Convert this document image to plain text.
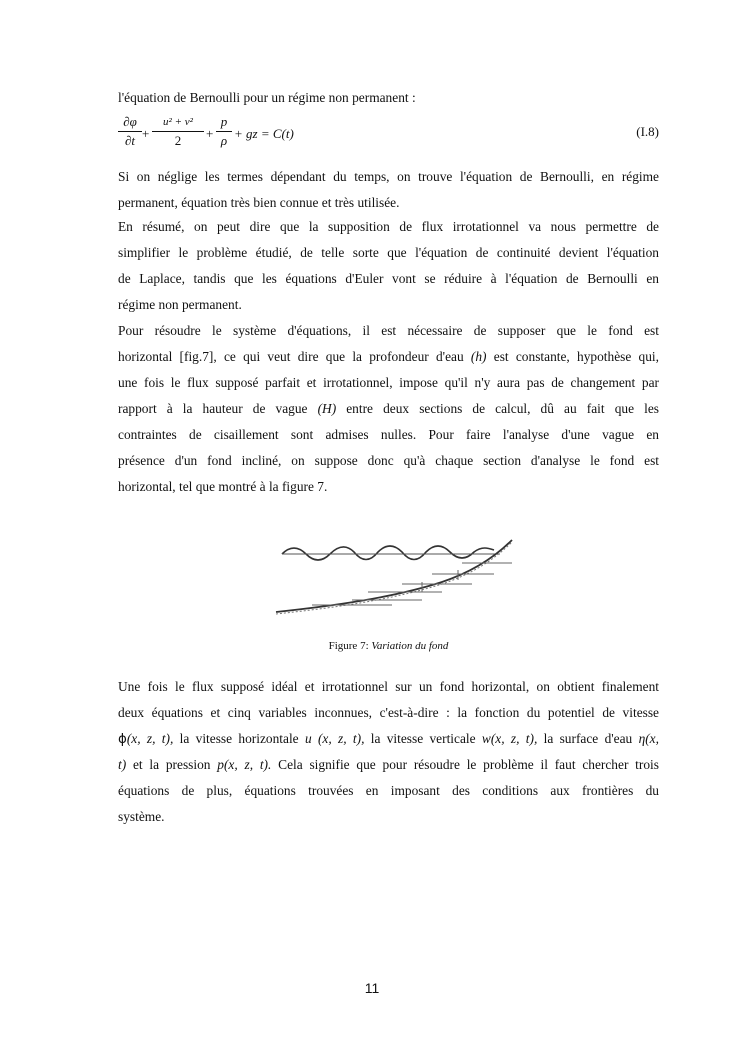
l'équation de Bernoulli pour un régime non permanent :
∂φ
∂t +
u² + v²
2	+
p
ρ + gz = C(t)	(I.8)
Si on néglige les termes dépendant du temps, on trouve l'équation de Bernoulli, en régime
permanent, équation très bien connue et très utilisée.
En résumé, on peut dire que la supposition de flux irrotationnel va nous permettre de
simplifier le problème étudié, de telle sorte que l'équation de continuité devient l'équation
de Laplace, tandis que les équations d'Euler vont se réduire à l'équation de Bernoulli en
régime non permanent.
Pour résoudre le système d'équations, il est nécessaire de supposer que le fond est
horizontal [fig.7], ce qui veut dire que la profondeur d'eau (h) est constante, hypothèse qui,
une fois le flux supposé parfait et irrotationnel, impose qu'il n'y aura pas de changement par
rapport à la hauteur de vague (H) entre deux sections de calcul, dû au fait que les
contraintes de cisaillement sont admises nulles. Pour faire l'analyse d'une vague en
présence d'un fond incliné, on suppose donc qu'à chaque section d'analyse le fond est
horizontal, tel que montré à la figure 7.
Figure 7: Variation du fond
Une fois le flux supposé idéal et irrotationnel sur un fond horizontal, on obtient finalement
deux équations et cinq variables inconnues, c'est-à-dire : la fonction du potentiel de vitesse
ϕ(x, z, t), la vitesse horizontale u (x, z, t), la vitesse verticale w(x, z, t), la surface d'eau η(x,
t) et la pression p(x, z, t). Cela signifie que pour résoudre le problème il faut chercher trois
équations de plus, équations trouvées en imposant des conditions aux frontières du
système.
11
